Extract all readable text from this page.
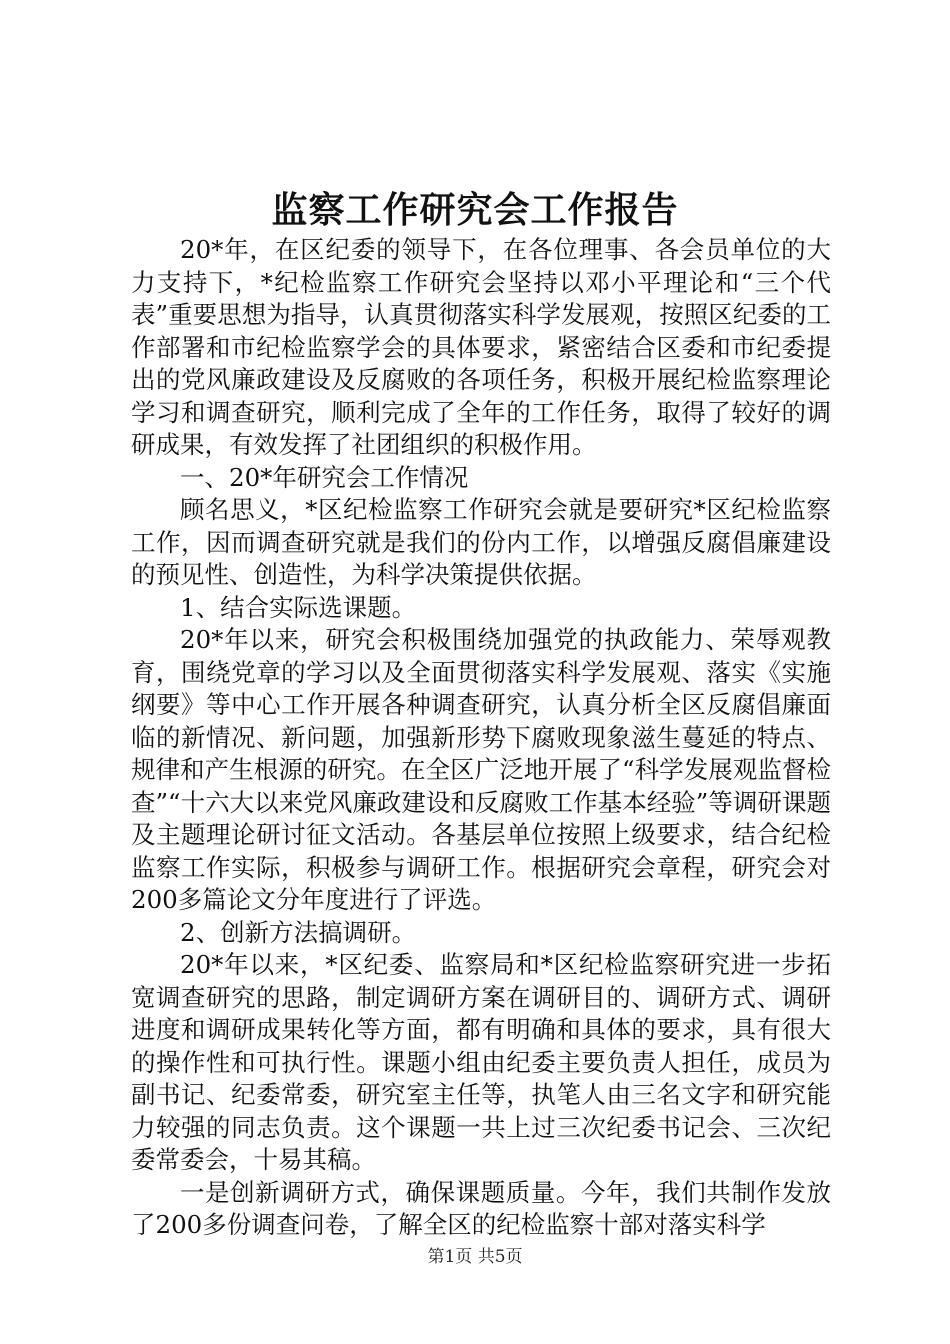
监察工作研究会工作报告

20*年，在区纪委的领导下，在各位理事、各会员单位的大力支持下，*纪检监察工作研究会坚持以邓小平理论和“三个代表”重要思想为指导，认真贯彻落实科学发展观，按照区纪委的工作部署和市纪检监察学会的具体要求，紧密结合区委和市纪委提出的党风廉政建设及反腐败的各项任务，积极开展纪检监察理论学习和调查研究，顺利完成了全年的工作任务，取得了较好的调研成果，有效发挥了社团组织的积极作用。

一、20*年研究会工作情况

顾名思义，*区纪检监察工作研究会就是要研究*区纪检监察工作，因而调查研究就是我们的份内工作，以增强反腐倡廉建设的预见性、创造性，为科学决策提供依据。

1、结合实际选课题。

20*年以来，研究会积极围绕加强党的执政能力、荣辱观教育，围绕党章的学习以及全面贯彻落实科学发展观、落实《实施纲要》等中心工作开展各种调查研究，认真分析全区反腐倡廉面临的新情况、新问题，加强新形势下腐败现象滋生蔓延的特点、规律和产生根源的研究。在全区广泛地开展了“科学发展观监督检查”“十六大以来党风廉政建设和反腐败工作基本经验”等调研课题及主题理论研讨征文活动。各基层单位按照上级要求，结合纪检监察工作实际，积极参与调研工作。根据研究会章程，研究会对200多篇论文分年度进行了评选。

2、创新方法搞调研。

20*年以来，*区纪委、监察局和*区纪检监察研究进一步拓宽调查研究的思路，制定调研方案在调研目的、调研方式、调研进度和调研成果转化等方面，都有明确和具体的要求，具有很大的操作性和可执行性。课题小组由纪委主要负责人担任，成员为副书记、纪委常委，研究室主任等，执笔人由三名文字和研究能力较强的同志负责。这个课题一共上过三次纪委书记会、三次纪委常委会，十易其稿。

一是创新调研方式，确保课题质量。今年，我们共制作发放了200多份调查问卷，了解全区的纪检监察十部对落实科学

第1页 共5页
